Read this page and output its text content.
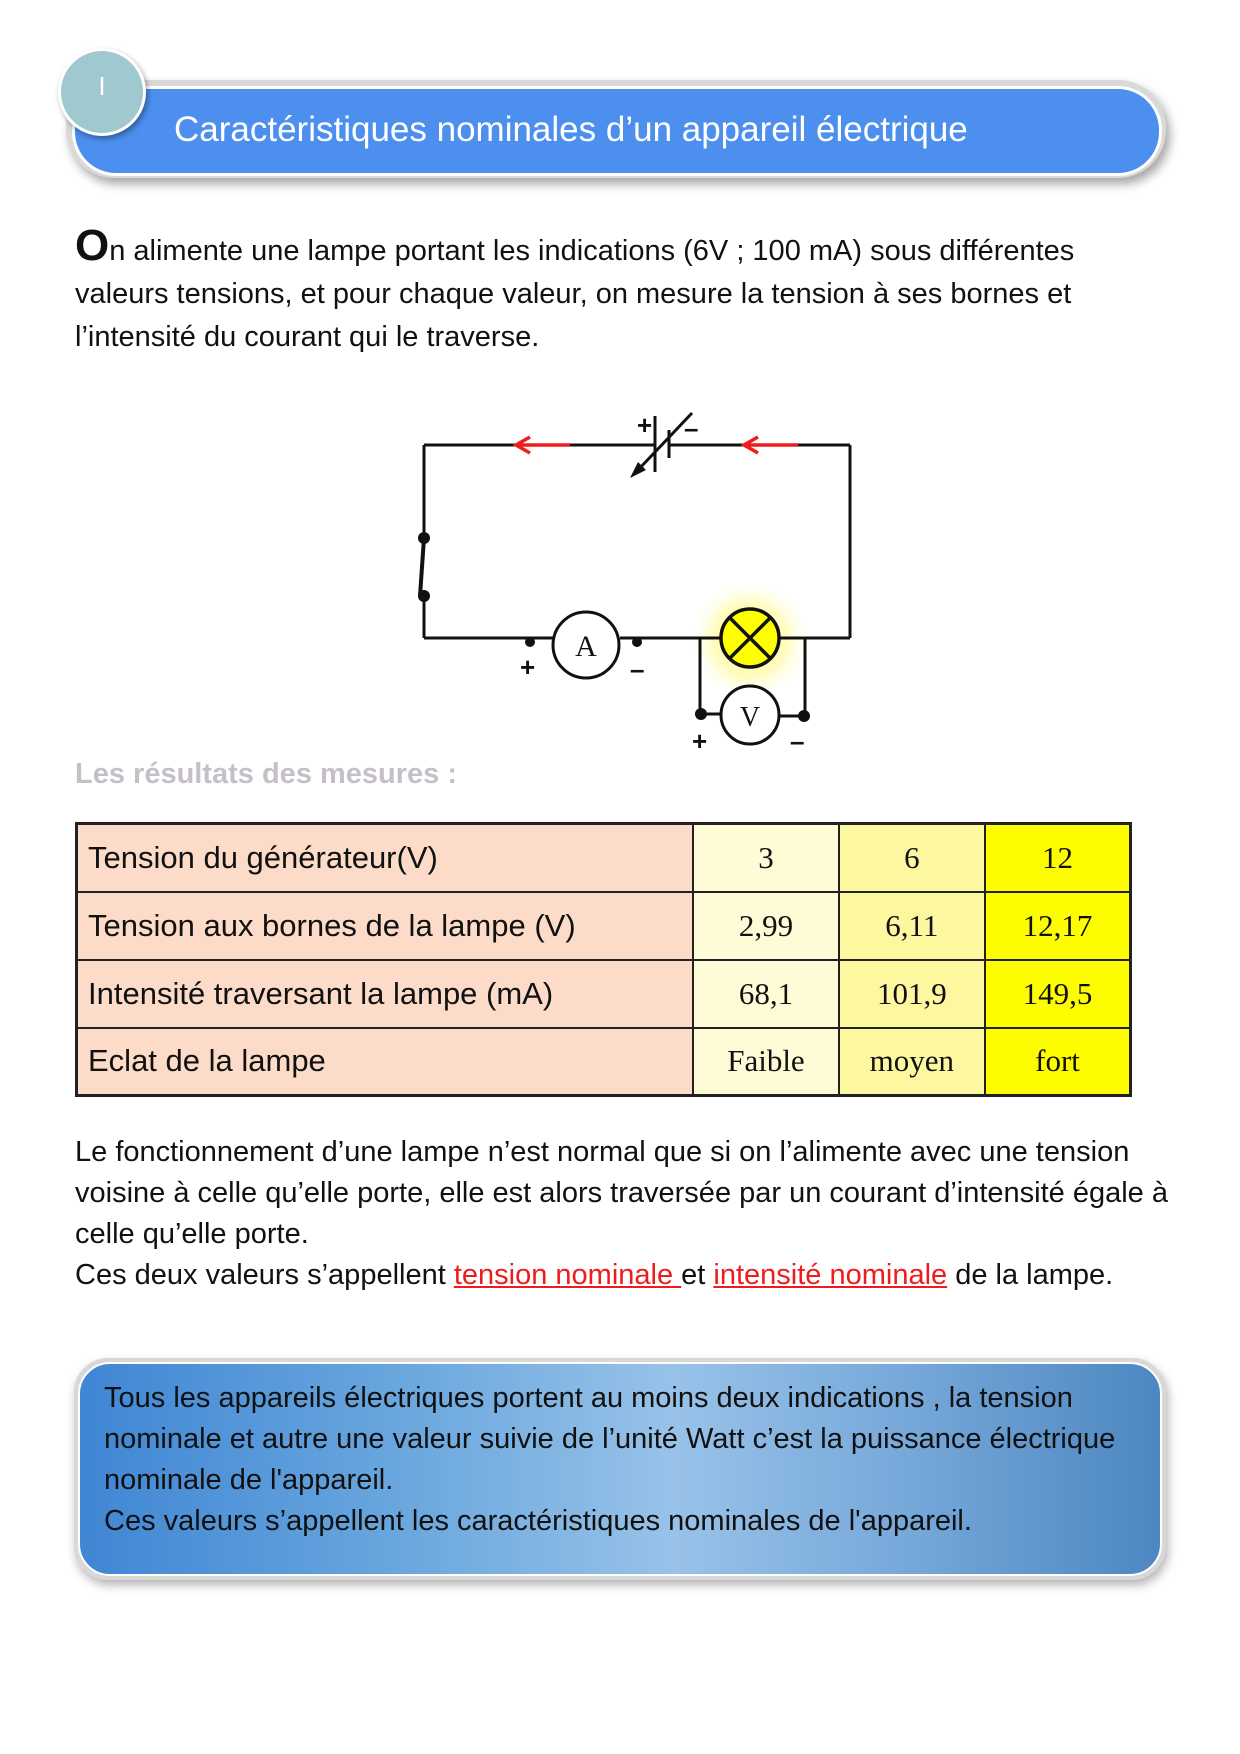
Caractéristiques nominales d’un appareil électrique
I
On alimente une lampe portant les indications (6V ; 100 mA) sous différentes valeurs tensions, et pour chaque valeur, on mesure la tension à ses bornes et l’intensité du courant qui le traverse.
+ –
A
+	–
V
+	–
Les résultats des mesures :
Tension du générateur(V)	3	6	12
Tension aux bornes de la lampe (V)	2,99	6,11	12,17
Intensité traversant la lampe (mA)	68,1	101,9	149,5
Eclat de la lampe	Faible	moyen	fort
Le fonctionnement d’une lampe n’est normal que si on l’alimente avec une tension voisine à celle qu’elle porte, elle est alors traversée par un courant d’intensité égale à celle qu’elle porte.
Ces deux valeurs s’appellent tension nominale et intensité nominale de la lampe.
Tous les appareils électriques portent au moins deux indications , la tension nominale et autre une valeur suivie de l’unité Watt c’est la puissance électrique nominale de l'appareil.
Ces valeurs s’appellent les caractéristiques nominales de l'appareil.
